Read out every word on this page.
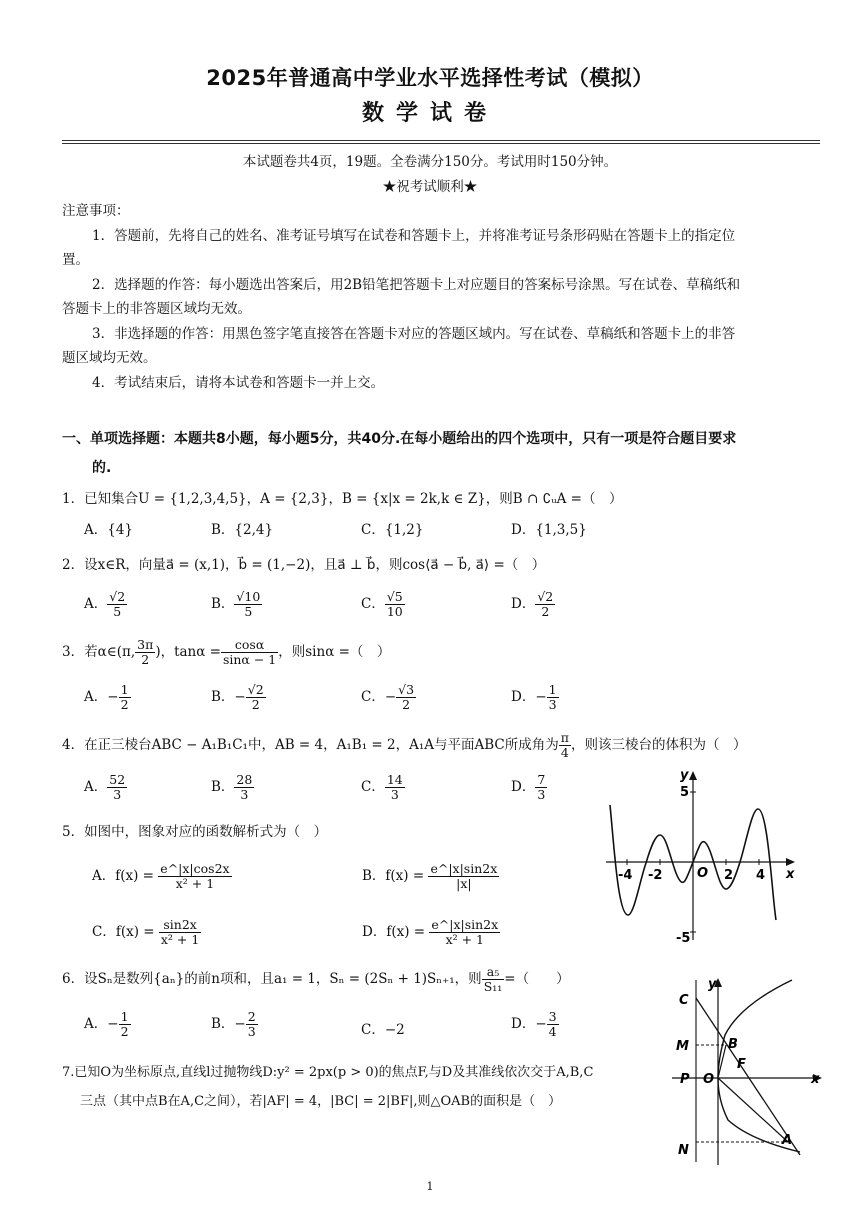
2025年普通高中学业水平选择性考试（模拟）
数学试卷
本试题卷共4页，19题。全卷满分150分。考试用时150分钟。
★祝考试顺利★
注意事项：
1．答题前，先将自己的姓名、准考证号填写在试卷和答题卡上，并将准考证号条形码贴在答题卡上的指定位
置。
2．选择题的作答：每小题选出答案后，用2B铅笔把答题卡上对应题目的答案标号涂黑。写在试卷、草稿纸和
答题卡上的非答题区域均无效。
3．非选择题的作答：用黑色签字笔直接答在答题卡对应的答题区域内。写在试卷、草稿纸和答题卡上的非答
题区域均无效。
4．考试结束后，请将本试卷和答题卡一并上交。
一、单项选择题：本题共8小题，每小题5分，共40分.在每小题给出的四个选项中，只有一项是符合题目要求
的.
1．已知集合U = {1,2,3,4,5}，A = {2,3}，B = {x|x = 2k,k ∈ Z}，则B ∩ ∁ᵤA =（　）
A．{4}	B．{2,4}	C．{1,2}	D．{1,3,5}
2．设x∈R，向量a⃗ = (x,1)，b⃗ = (1,−2)，且a⃗ ⊥ b⃗，则cos⟨a⃗ − b⃗, a⃗⟩ =（　）
A． $\frac{√2}{5}$	B． $\frac{√10}{5}$	C． $\frac{√5}{10}$	D． $\frac{√2}{2}$
3．若α∈(π, $\frac{3\pi}{2}$ )，$\tan\alpha = \frac{\cos\alpha}{\sin\alpha - 1}$ ，则sinα =（　）
A．− $\frac{1}{2}$	B．− $\frac{√2}{2}$	C．− $\frac{√3}{2}$	D．− $\frac{1}{3}$
4．在正三棱台ABC − A₁B₁C₁中，AB = 4，A₁B₁ = 2，A₁A与平面ABC所成角为 $\frac{\pi}{4}$ ，则该三棱台的体积为（　）
A． $\frac{52}{3}$	B． $\frac{28}{3}$	C． $\frac{14}{3}$	D． $\frac{7}{3}$
5．如图中，图象对应的函数解析式为（　）
A．$f(x) = \frac{e\^{}|x|\cos 2x}{\text{x² + 1}}$	B．$f(x) = \frac{e\^{}|x|\sin 2x}{|x|}$
C．$f(x) = \frac{\sin 2x}{\text{x² + 1}}$	D．$f(x) = \frac{e\^{}|x|\sin 2x}{\text{x² + 1}}$
6．设Sₙ是数列{aₙ}的前n项和，且a₁ = 1，Sₙ = (2Sₙ + 1)Sₙ₊₁，则 $\frac{\text{a₅}}{\text{S₁₁}}$ =（　　）
A．− $\frac{1}{2}$	B．− $\frac{2}{3}$	C．−2	D．− $\frac{3}{4}$
7.已知O为坐标原点,直线l过抛物线D:y² = 2px(p > 0)的焦点F,与D及其准线依次交于A,B,C
三点（其中点B在A,C之间），若|AF| = 4，|BC| = 2|BF|,则△OAB的面积是（　）
y
x
O
5
-5
-4 -2	2 4
y
x
C
M	B
F
P O
N
A
1
